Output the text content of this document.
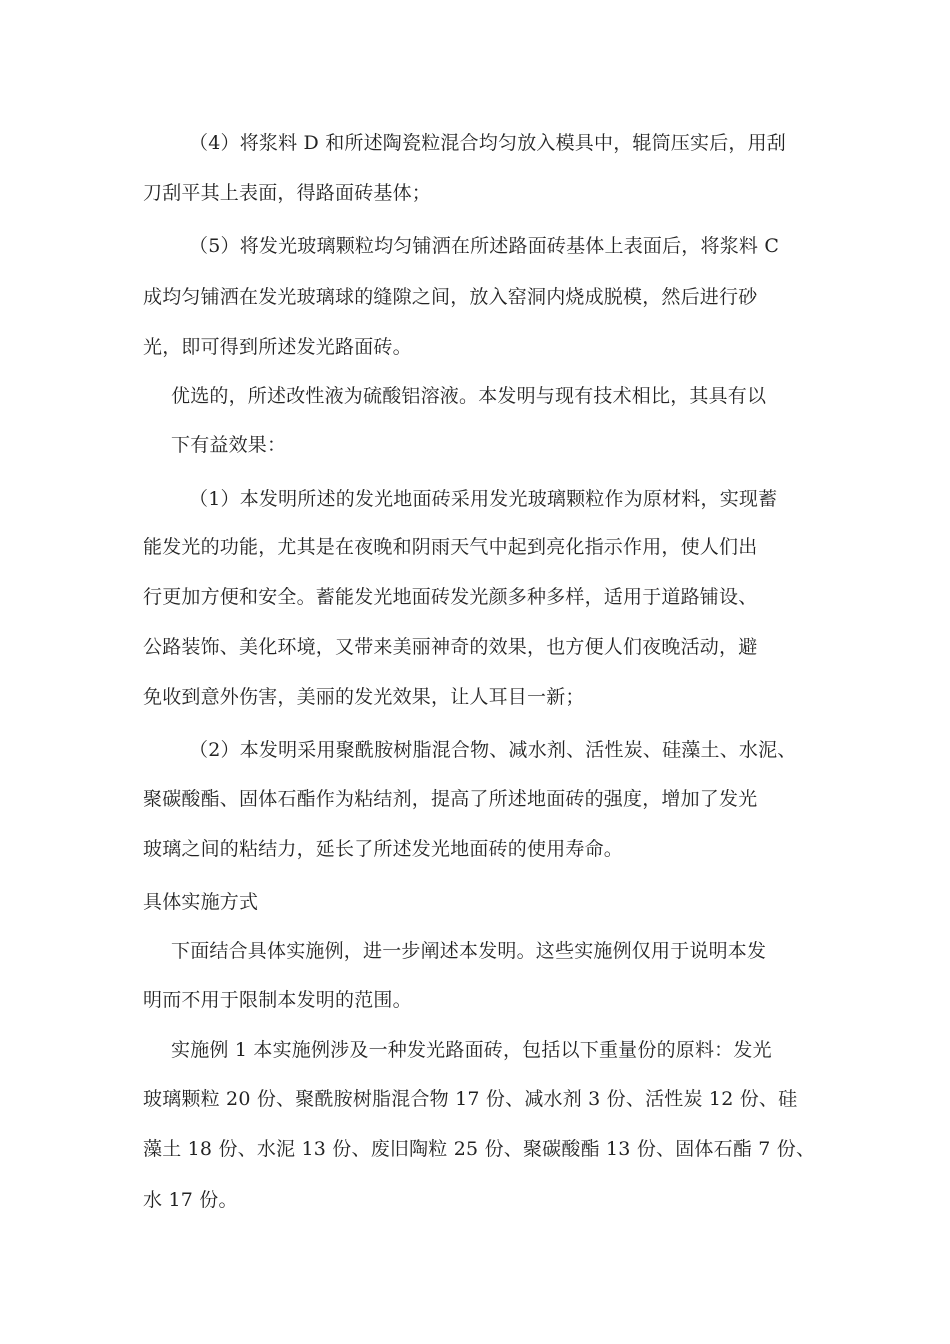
（4）将浆料 D 和所述陶瓷粒混合均匀放入模具中，辊筒压实后，用刮
刀刮平其上表面，得路面砖基体；
（5）将发光玻璃颗粒均匀铺洒在所述路面砖基体上表面后，将浆料 C
成均匀铺洒在发光玻璃球的缝隙之间，放入窑洞内烧成脱模，然后进行砂
光，即可得到所述发光路面砖。
优选的，所述改性液为硫酸铝溶液。本发明与现有技术相比，其具有以
下有益效果：
（1）本发明所述的发光地面砖采用发光玻璃颗粒作为原材料，实现蓄
能发光的功能，尤其是在夜晚和阴雨天气中起到亮化指示作用，使人们出
行更加方便和安全。蓄能发光地面砖发光颜多种多样，适用于道路铺设、
公路装饰、美化环境，又带来美丽神奇的效果，也方便人们夜晚活动，避
免收到意外伤害，美丽的发光效果，让人耳目一新；
（2）本发明采用聚酰胺树脂混合物、减水剂、活性炭、硅藻土、水泥、
聚碳酸酯、固体石酯作为粘结剂，提高了所述地面砖的强度，增加了发光
玻璃之间的粘结力，延长了所述发光地面砖的使用寿命。
具体实施方式
下面结合具体实施例，进一步阐述本发明。这些实施例仅用于说明本发
明而不用于限制本发明的范围。
实施例 1 本实施例涉及一种发光路面砖，包括以下重量份的原料：发光
玻璃颗粒 20 份、聚酰胺树脂混合物 17 份、减水剂 3 份、活性炭 12 份、硅
藻土 18 份、水泥 13 份、废旧陶粒 25 份、聚碳酸酯 13 份、固体石酯 7 份、
水 17 份。
